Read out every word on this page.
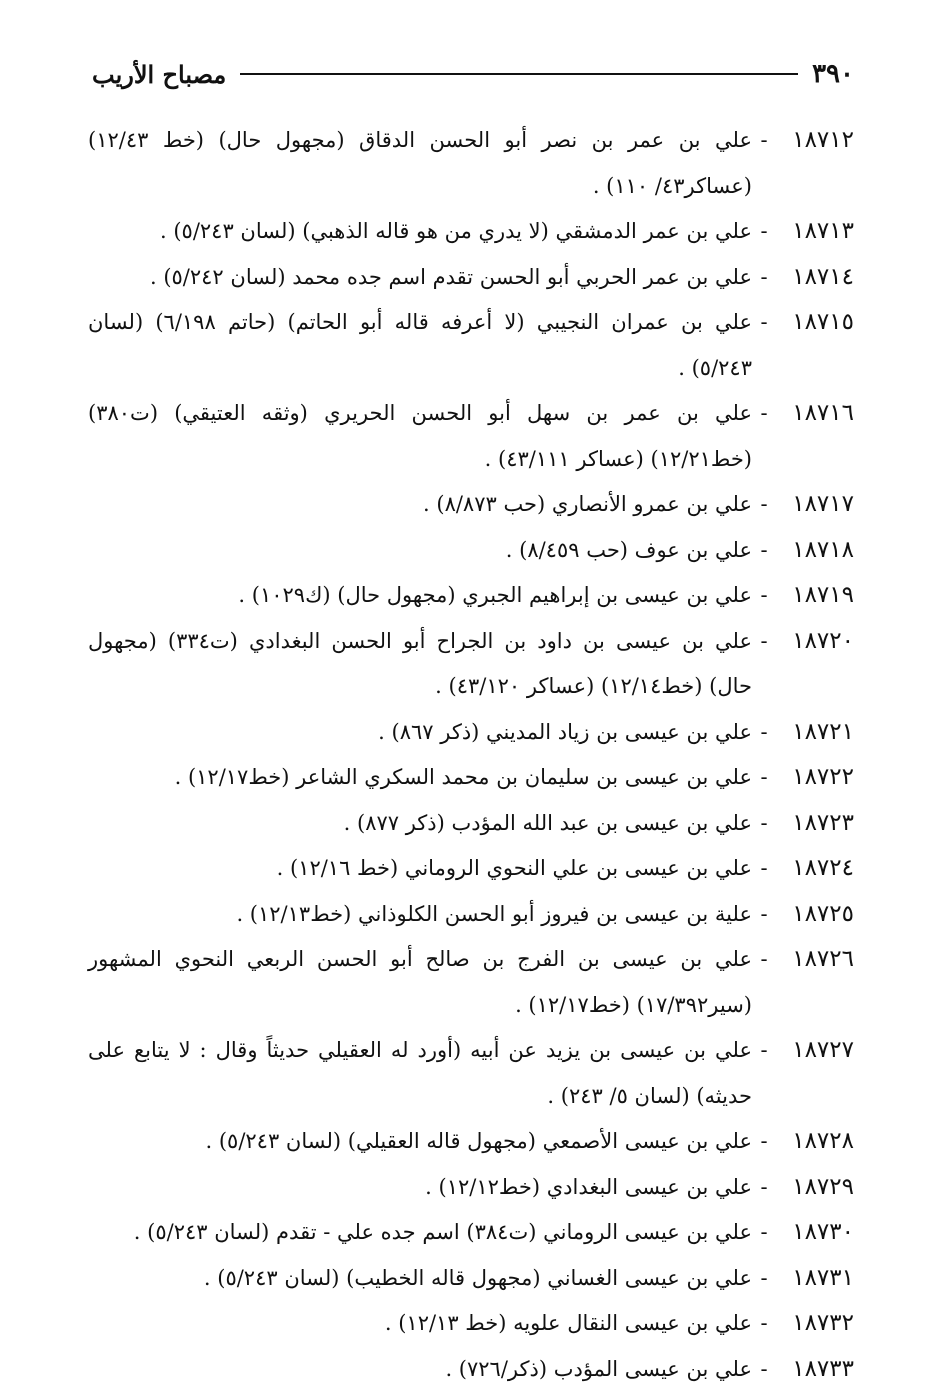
٣٩٠
مصباح الأريب
١٨٧١٢
-
علي بن عمر بن نصر أبو الحسن الدقاق (مجهول حال) (خط ١٢/٤٣) (عساكر٤٣/ ١١٠) .
١٨٧١٣
-
علي بن عمر الدمشقي (لا يدري من هو قاله الذهبي) (لسان ٥/٢٤٣) .
١٨٧١٤
-
علي بن عمر الحربي أبو الحسن تقدم اسم جده محمد (لسان ٥/٢٤٢) .
١٨٧١٥
-
علي بن عمران النجيبي (لا أعرفه قاله أبو الحاتم) (حاتم ٦/١٩٨) (لسان ٥/٢٤٣) .
١٨٧١٦
-
علي بن عمر بن سهل أبو الحسن الحريري (وثقه العتيقي) (ت٣٨٠) (خط١٢/٢١) (عساكر ٤٣/١١١) .
١٨٧١٧
-
علي بن عمرو الأنصاري (حب ٨/٨٧٣) .
١٨٧١٨
-
علي بن عوف (حب ٨/٤٥٩) .
١٨٧١٩
-
علي بن عيسى بن إبراهيم الجبري (مجهول حال) (ك١٠٢٩) .
١٨٧٢٠
-
علي بن عيسى بن داود بن الجراح أبو الحسن البغدادي (ت٣٣٤) (مجهول حال) (خط١٢/١٤) (عساكر ٤٣/١٢٠) .
١٨٧٢١
-
علي بن عيسى بن زياد المديني (ذكر ٨٦٧) .
١٨٧٢٢
-
علي بن عيسى بن سليمان بن محمد السكري الشاعر (خط١٢/١٧) .
١٨٧٢٣
-
علي بن عيسى بن عبد الله المؤدب (ذكر ٨٧٧) .
١٨٧٢٤
-
علي بن عيسى بن علي النحوي الروماني (خط ١٢/١٦) .
١٨٧٢٥
-
علية بن عيسى بن فيروز أبو الحسن الكلوذاني (خط١٢/١٣) .
١٨٧٢٦
-
علي بن عيسى بن الفرج بن صالح أبو الحسن الربعي النحوي المشهور (سير١٧/٣٩٢) (خط١٢/١٧) .
١٨٧٢٧
-
علي بن عيسى بن يزيد عن أبيه (أورد له العقيلي حديثاً وقال : لا يتابع على حديثه) (لسان ٥/ ٢٤٣) .
١٨٧٢٨
-
علي بن عيسى الأصمعي (مجهول قاله العقيلي) (لسان ٥/٢٤٣) .
١٨٧٢٩
-
علي بن عيسى البغدادي (خط١٢/١٢) .
١٨٧٣٠
-
علي بن عيسى الروماني (ت٣٨٤) اسم جده علي - تقدم (لسان ٥/٢٤٣) .
١٨٧٣١
-
علي بن عيسى الغساني (مجهول قاله الخطيب) (لسان ٥/٢٤٣) .
١٨٧٣٢
-
علي بن عيسى النقال علويه (خط ١٢/١٣) .
١٨٧٣٣
-
علي بن عيسى المؤدب (ذكر/٧٢٦) .
